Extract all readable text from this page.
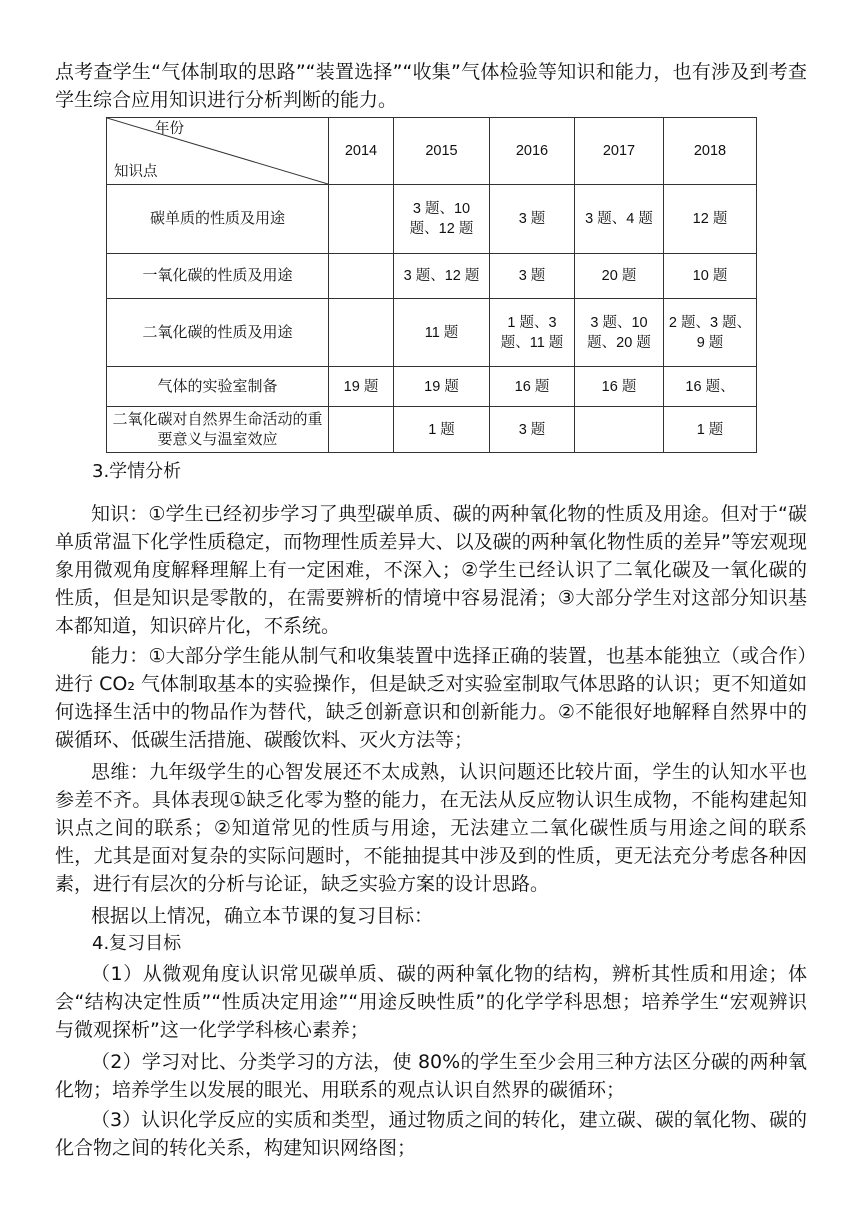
点考查学生“气体制取的思路”“装置选择”“收集”气体检验等知识和能力，也有涉及到考查学生综合应用知识进行分析判断的能力。

年份
知识点	2014	2015	2016	2017	2018
碳单质的性质及用途		3 题、10 题、12 题	3 题	3 题、4 题	12 题
一氧化碳的性质及用途		3 题、12 题	3 题	20 题	10 题
二氧化碳的性质及用途		11 题	1 题、3 题、11 题	3 题、10 题、20 题	2 题、3 题、9 题
气体的实验室制备	19 题	19 题	16 题	16 题	16 题、
二氧化碳对自然界生命活动的重要意义与温室效应		1 题	3 题		1 题

3.学情分析

知识：①学生已经初步学习了典型碳单质、碳的两种氧化物的性质及用途。但对于“碳单质常温下化学性质稳定，而物理性质差异大、以及碳的两种氧化物性质的差异”等宏观现象用微观角度解释理解上有一定困难，不深入；②学生已经认识了二氧化碳及一氧化碳的性质，但是知识是零散的，在需要辨析的情境中容易混淆；③大部分学生对这部分知识基本都知道，知识碎片化，不系统。

能力：①大部分学生能从制气和收集装置中选择正确的装置，也基本能独立（或合作）进行 CO₂ 气体制取基本的实验操作，但是缺乏对实验室制取气体思路的认识；更不知道如何选择生活中的物品作为替代，缺乏创新意识和创新能力。②不能很好地解释自然界中的碳循环、低碳生活措施、碳酸饮料、灭火方法等；

思维：九年级学生的心智发展还不太成熟，认识问题还比较片面，学生的认知水平也参差不齐。具体表现①缺乏化零为整的能力，在无法从反应物认识生成物，不能构建起知识点之间的联系；②知道常见的性质与用途，无法建立二氧化碳性质与用途之间的联系性，尤其是面对复杂的实际问题时，不能抽提其中涉及到的性质，更无法充分考虑各种因素，进行有层次的分析与论证，缺乏实验方案的设计思路。

根据以上情况，确立本节课的复习目标：

4.复习目标

（1）从微观角度认识常见碳单质、碳的两种氧化物的结构，辨析其性质和用途；体会“结构决定性质”“性质决定用途”“用途反映性质”的化学学科思想；培养学生“宏观辨识与微观探析”这一化学学科核心素养；

（2）学习对比、分类学习的方法，使 80%的学生至少会用三种方法区分碳的两种氧化物；培养学生以发展的眼光、用联系的观点认识自然界的碳循环；

（3）认识化学反应的实质和类型，通过物质之间的转化，建立碳、碳的氧化物、碳的化合物之间的转化关系，构建知识网络图；
